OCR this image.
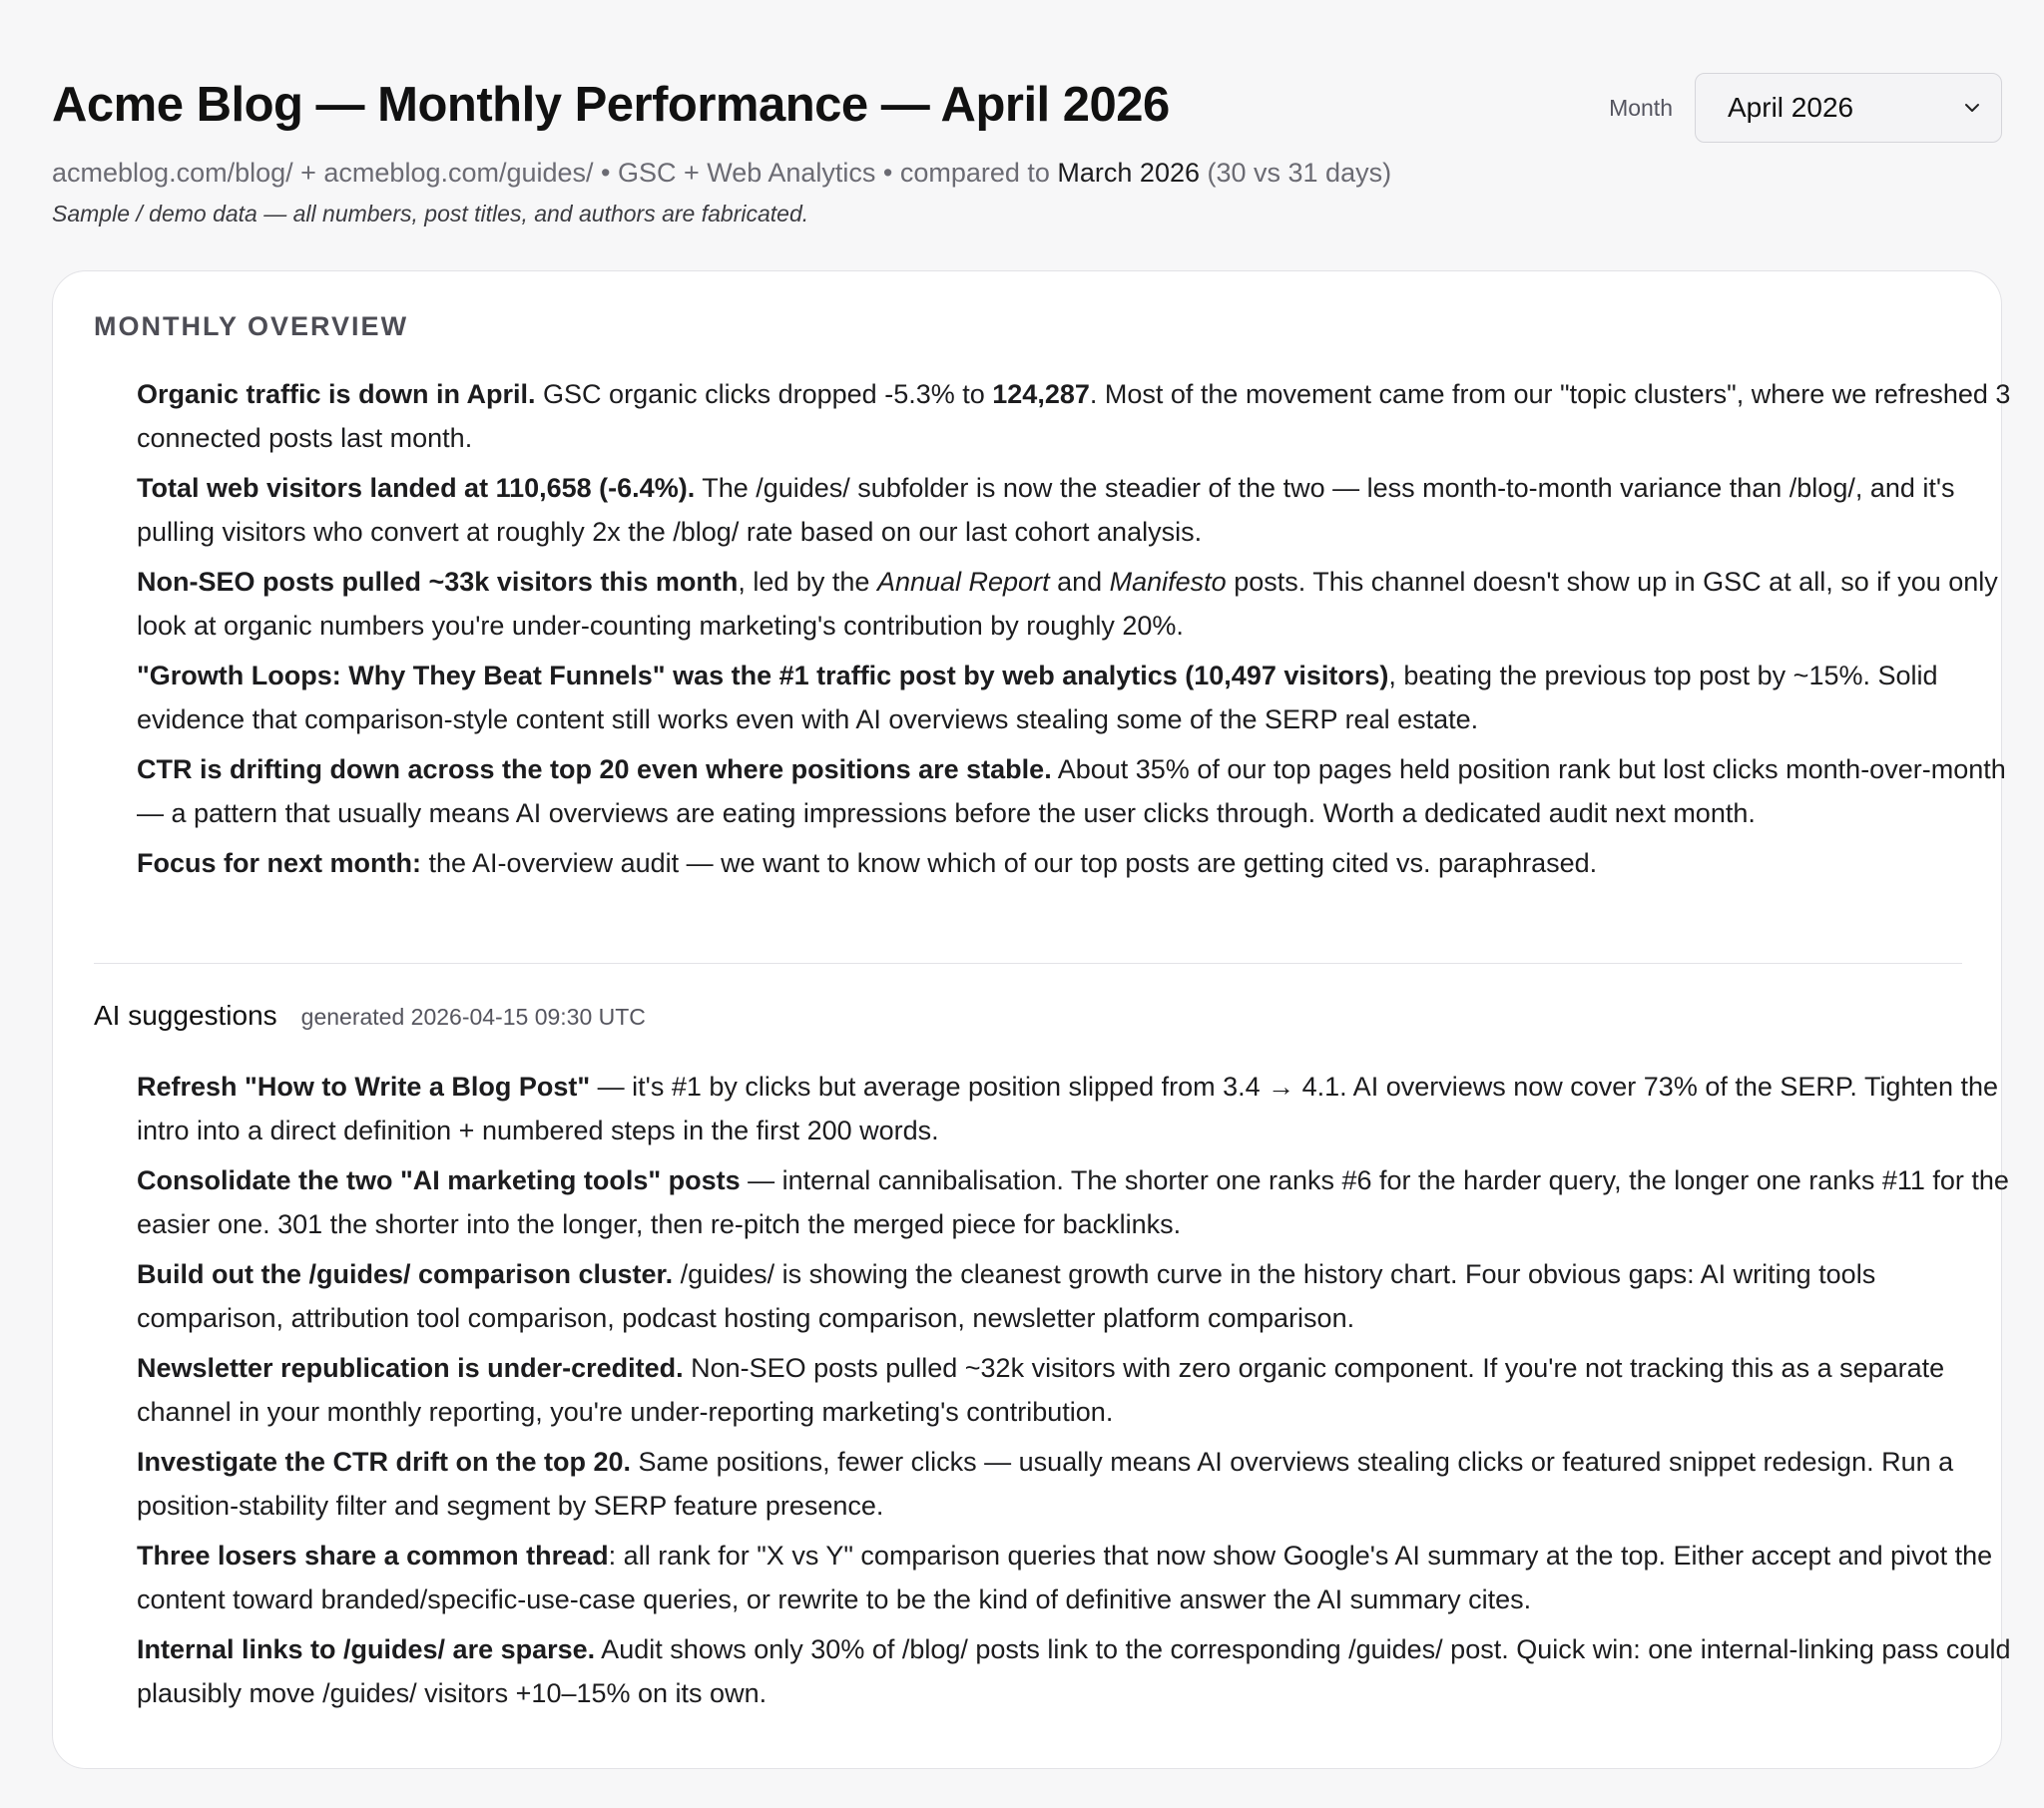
Acme Blog — Monthly Performance — April 2026
acmeblog.com/blog/ + acmeblog.com/guides/ • GSC + Web Analytics • compared to March 2026 (30 vs 31 days)
Sample / demo data — all numbers, post titles, and authors are fabricated.
Month April 2026
MONTHLY OVERVIEW

Organic traffic is down in April. GSC organic clicks dropped -5.3% to 124,287. Most of the movement came from our "topic clusters", where we refreshed 3 connected posts last month.

Total web visitors landed at 110,658 (-6.4%). The /guides/ subfolder is now the steadier of the two — less month-to-month variance than /blog/, and it's pulling visitors who convert at roughly 2x the /blog/ rate based on our last cohort analysis.

Non-SEO posts pulled ~33k visitors this month, led by the Annual Report and Manifesto posts. This channel doesn't show up in GSC at all, so if you only look at organic numbers you're under-counting marketing's contribution by roughly 20%.

"Growth Loops: Why They Beat Funnels" was the #1 traffic post by web analytics (10,497 visitors), beating the previous top post by ~15%. Solid evidence that comparison-style content still works even with AI overviews stealing some of the SERP real estate.

CTR is drifting down across the top 20 even where positions are stable. About 35% of our top pages held position rank but lost clicks month-over-month — a pattern that usually means AI overviews are eating impressions before the user clicks through. Worth a dedicated audit next month.

Focus for next month: the AI-overview audit — we want to know which of our top posts are getting cited vs. paraphrased.

AI suggestions generated 2026-04-15 09:30 UTC

Refresh "How to Write a Blog Post" — it's #1 by clicks but average position slipped from 3.4 → 4.1. AI overviews now cover 73% of the SERP. Tighten the intro into a direct definition + numbered steps in the first 200 words.

Consolidate the two "AI marketing tools" posts — internal cannibalisation. The shorter one ranks #6 for the harder query, the longer one ranks #11 for the easier one. 301 the shorter into the longer, then re-pitch the merged piece for backlinks.

Build out the /guides/ comparison cluster. /guides/ is showing the cleanest growth curve in the history chart. Four obvious gaps: AI writing tools comparison, attribution tool comparison, podcast hosting comparison, newsletter platform comparison.

Newsletter republication is under-credited. Non-SEO posts pulled ~32k visitors with zero organic component. If you're not tracking this as a separate channel in your monthly reporting, you're under-reporting marketing's contribution.

Investigate the CTR drift on the top 20. Same positions, fewer clicks — usually means AI overviews stealing clicks or featured snippet redesign. Run a position-stability filter and segment by SERP feature presence.

Three losers share a common thread: all rank for "X vs Y" comparison queries that now show Google's AI summary at the top. Either accept and pivot the content toward branded/specific-use-case queries, or rewrite to be the kind of definitive answer the AI summary cites.

Internal links to /guides/ are sparse. Audit shows only 30% of /blog/ posts link to the corresponding /guides/ post. Quick win: one internal-linking pass could plausibly move /guides/ visitors +10–15% on its own.
